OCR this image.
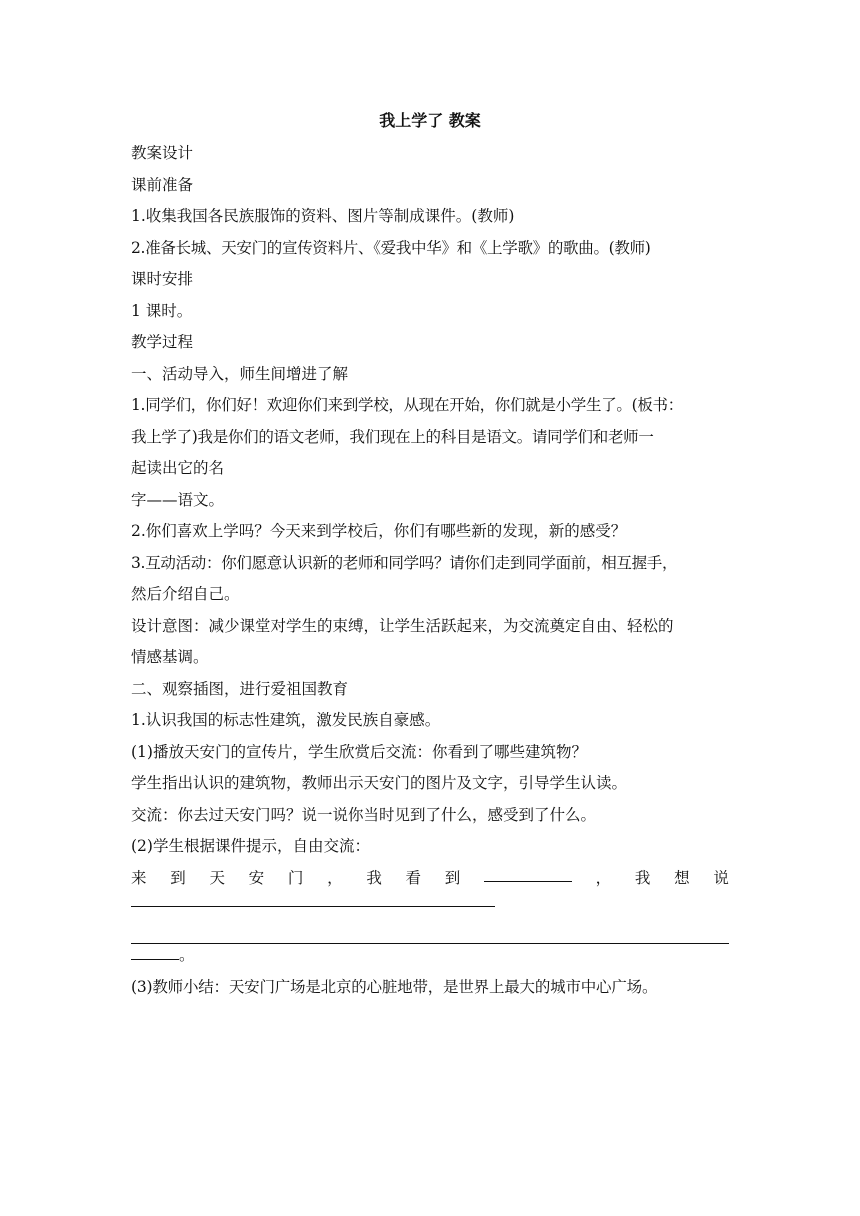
我上学了 教案

教案设计

课前准备

1.收集我国各民族服饰的资料、图片等制成课件。(教师)

2.准备长城、天安门的宣传资料片、《爱我中华》和《上学歌》的歌曲。(教师)

课时安排

1 课时。

教学过程

一、活动导入，师生间增进了解

1.同学们，你们好！欢迎你们来到学校，从现在开始，你们就是小学生了。(板书：

我上学了)我是你们的语文老师，我们现在上的科目是语文。请同学们和老师一

起读出它的名

字——语文。

2.你们喜欢上学吗？今天来到学校后，你们有哪些新的发现，新的感受？

3.互动活动：你们愿意认识新的老师和同学吗？请你们走到同学面前，相互握手，

然后介绍自己。

设计意图：减少课堂对学生的束缚，让学生活跃起来，为交流奠定自由、轻松的

情感基调。

二、观察插图，进行爱祖国教育

1.认识我国的标志性建筑，激发民族自豪感。

(1)播放天安门的宣传片，学生欣赏后交流：你看到了哪些建筑物？

学生指出认识的建筑物，教师出示天安门的图片及文字，引导学生认读。

交流：你去过天安门吗？说一说你当时见到了什么，感受到了什么。

(2)学生根据课件提示，自由交流：

来 到 天 安 门 ， 我 看 到	， 我 想 说

。

(3)教师小结：天安门广场是北京的心脏地带，是世界上最大的城市中心广场。
